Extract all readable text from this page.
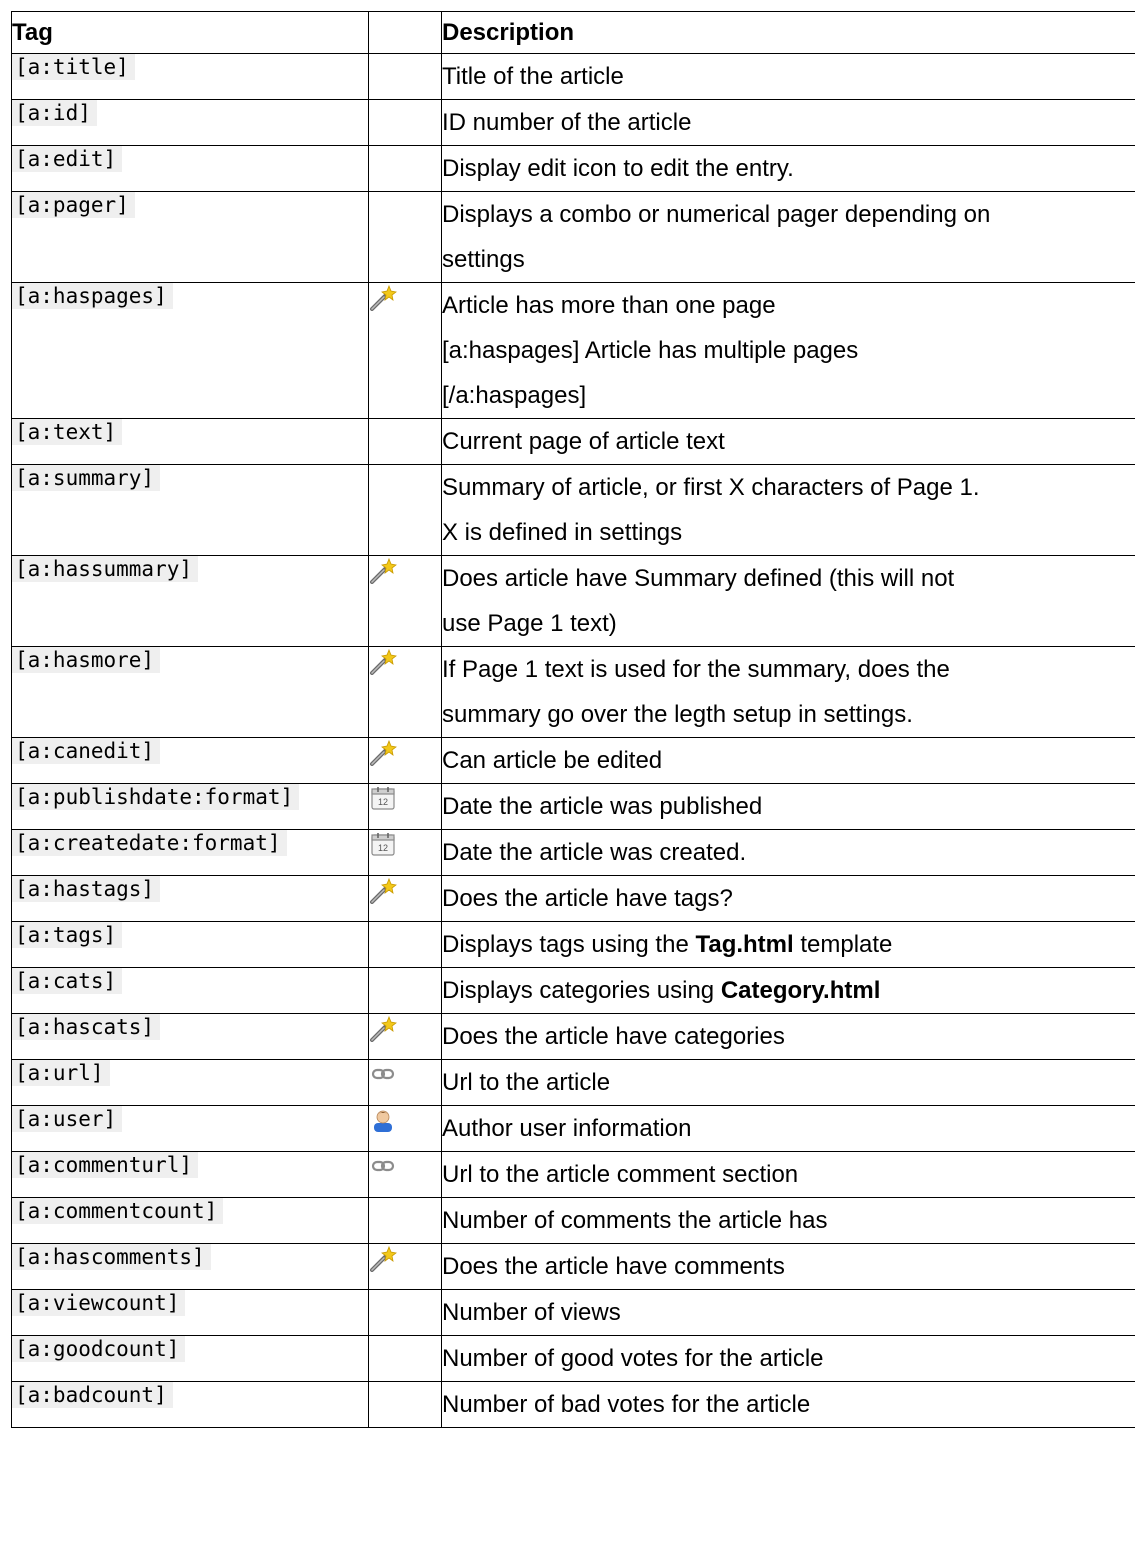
Tag		Description
[a:title]		Title of the article

[a:id]		ID number of the article

[a:edit]		Display edit icon to edit the entry.

[a:pager]		Displays a combo or numerical pager depending on
settings

[a:haspages]		Article has more than one page
[a:haspages] Article has multiple pages
[/a:haspages]

[a:text]		Current page of article text

[a:summary]		Summary of article, or first X characters of Page 1.
X is defined in settings

[a:hassummary]		Does article have Summary defined (this will not
use Page 1 text)

[a:hasmore]		If Page 1 text is used for the summary, does the
summary go over the legth setup in settings.

[a:canedit]		Can article be edited

[a:publishdate:format]	12	Date the article was published

[a:createdate:format]	12	Date the article was created.

[a:hastags]		Does the article have tags?

[a:tags]		Displays tags using the Tag.html template

[a:cats]		Displays categories using Category.html

[a:hascats]		Does the article have categories

[a:url]		Url to the article

[a:user]		Author user information

[a:commenturl]		Url to the article comment section

[a:commentcount]		Number of comments the article has

[a:hascomments]		Does the article have comments

[a:viewcount]		Number of views

[a:goodcount]		Number of good votes for the article

[a:badcount]		Number of bad votes for the article
